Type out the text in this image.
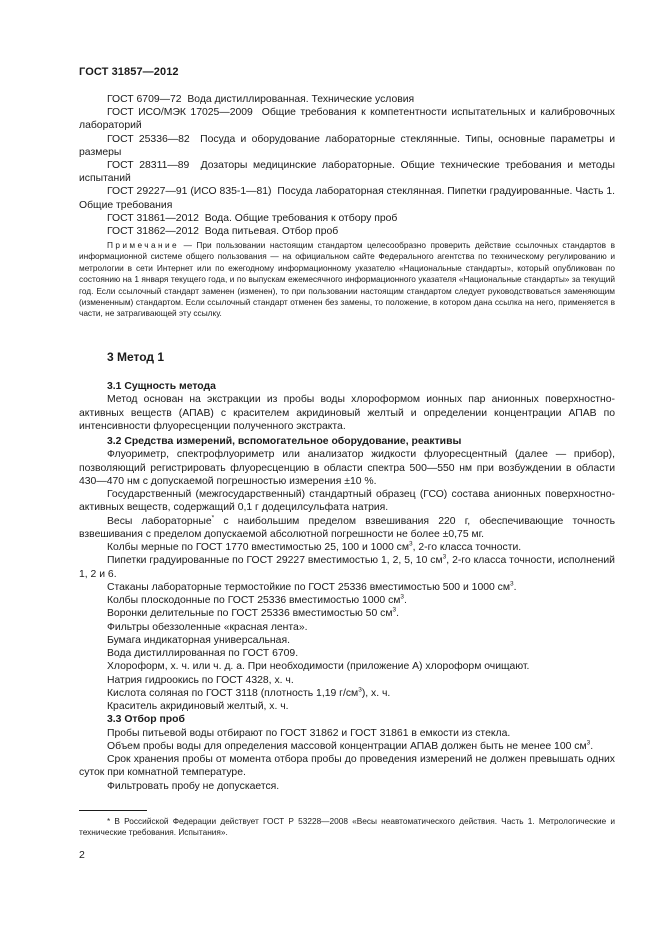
ГОСТ 31857—2012

ГОСТ 6709—72 Вода дистиллированная. Технические условия

ГОСТ ИСО/МЭК 17025—2009 Общие требования к компетентности испытательных и калибровочных лабораторий

ГОСТ 25336—82 Посуда и оборудование лабораторные стеклянные. Типы, основные параметры и размеры

ГОСТ 28311—89 Дозаторы медицинские лабораторные. Общие технические требования и методы испытаний

ГОСТ 29227—91 (ИСО 835-1—81) Посуда лабораторная стеклянная. Пипетки градуированные. Часть 1. Общие требования

ГОСТ 31861—2012 Вода. Общие требования к отбору проб

ГОСТ 31862—2012 Вода питьевая. Отбор проб

Примечание — При пользовании настоящим стандартом целесообразно проверить действие ссылочных стандартов в информационной системе общего пользования — на официальном сайте Федерального агентства по техническому регулированию и метрологии в сети Интернет или по ежегодному информационному указателю «Национальные стандарты», который опубликован по состоянию на 1 января текущего года, и по выпускам ежемесячного информационного указателя «Национальные стандарты» за текущий год. Если ссылочный стандарт заменен (изменен), то при пользовании настоящим стандартом следует руководствоваться заменяющим (измененным) стандартом. Если ссылочный стандарт отменен без замены, то положение, в котором дана ссылка на него, применяется в части, не затрагивающей эту ссылку.

3 Метод 1

3.1 Сущность метода

Метод основан на экстракции из пробы воды хлороформом ионных пар анионных поверхностно-активных веществ (АПАВ) с красителем акридиновый желтый и определении концентрации АПАВ по интенсивности флуоресценции полученного экстракта.

3.2 Средства измерений, вспомогательное оборудование, реактивы

Флуориметр, спектрофлуориметр или анализатор жидкости флуоресцентный (далее — прибор), позволяющий регистрировать флуоресценцию в области спектра 500—550 нм при возбуждении в области 430—470 нм с допускаемой погрешностью измерения ±10 %.

Государственный (межгосударственный) стандартный образец (ГСО) состава анионных поверхностно-активных веществ, содержащий 0,1 г додецилсульфата натрия.

Весы лабораторные* с наибольшим пределом взвешивания 220 г, обеспечивающие точность взвешивания с пределом допускаемой абсолютной погрешности не более ±0,75 мг.

Колбы мерные по ГОСТ 1770 вместимостью 25, 100 и 1000 $см^3$, 2-го класса точности.

Пипетки градуированные по ГОСТ 29227 вместимостью 1, 2, 5, 10 $см^3$, 2-го класса точности, исполнений 1, 2 и 6.

Стаканы лабораторные термостойкие по ГОСТ 25336 вместимостью 500 и 1000 $см^3$.

Колбы плоскодонные по ГОСТ 25336 вместимостью 1000 $см^3$.

Воронки делительные по ГОСТ 25336 вместимостью 50 $см^3$.

Фильтры обеззоленные «красная лента».

Бумага индикаторная универсальная.

Вода дистиллированная по ГОСТ 6709.

Хлороформ, х. ч. или ч. д. а. При необходимости (приложение А) хлороформ очищают.

Натрия гидроокись по ГОСТ 4328, х. ч.

Кислота соляная по ГОСТ 3118 (плотность 1,19 $г/см^3$), х. ч.

Краситель акридиновый желтый, х. ч.

3.3 Отбор проб

Пробы питьевой воды отбирают по ГОСТ 31862 и ГОСТ 31861 в емкости из стекла.

Объем пробы воды для определения массовой концентрации АПАВ должен быть не менее 100 $см^3$.

Срок хранения пробы от момента отбора пробы до проведения измерений не должен превышать одних суток при комнатной температуре.

Фильтровать пробу не допускается.

* В Российской Федерации действует ГОСТ Р 53228—2008 «Весы неавтоматического действия. Часть 1. Метрологические и технические требования. Испытания».

2
